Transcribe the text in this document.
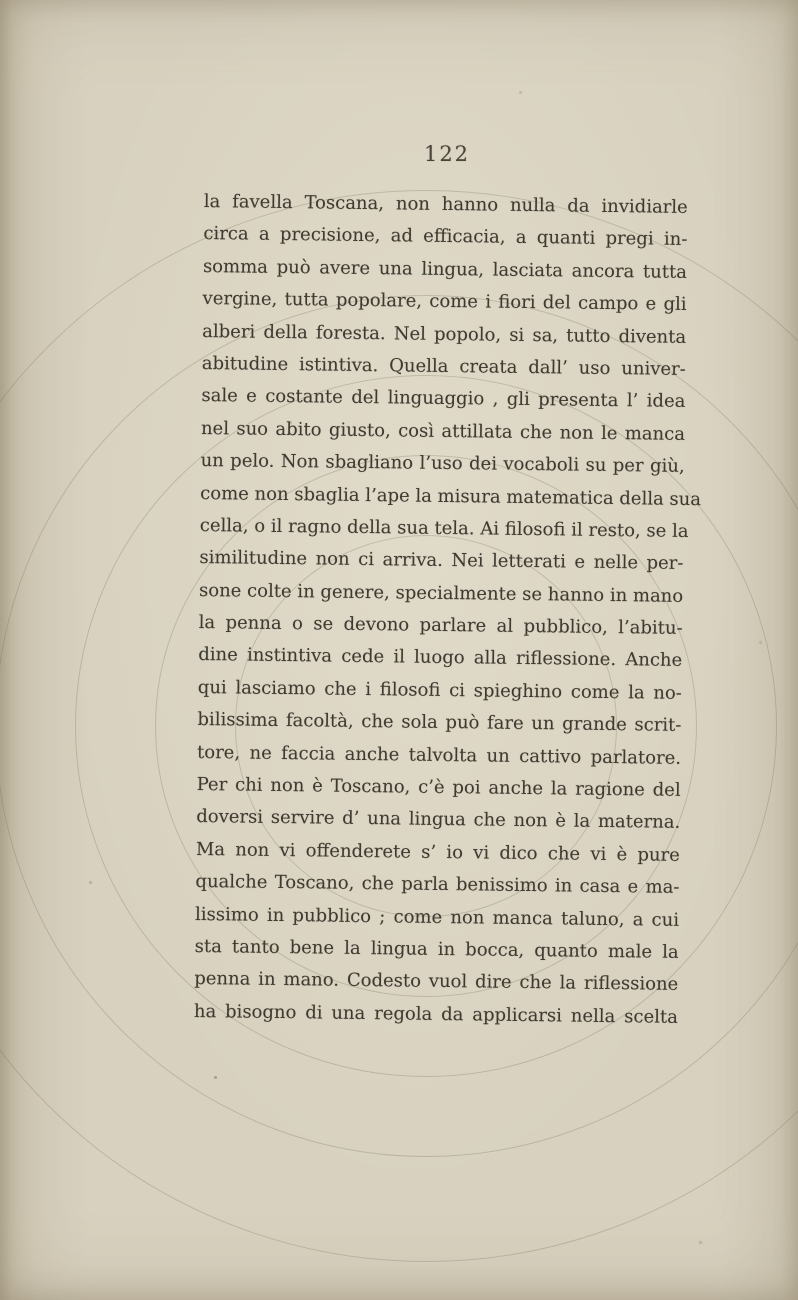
122
la favella Toscana, non hanno nulla da invidiarle
circa a precisione, ad efficacia, a quanti pregi in-
somma può avere una lingua, lasciata ancora tutta
vergine, tutta popolare, come i fiori del campo e gli
alberi della foresta. Nel popolo, si sa, tutto diventa
abitudine istintiva. Quella creata dall’ uso univer-
sale e costante del linguaggio , gli presenta l’ idea
nel suo abito giusto, così attillata che non le manca
un pelo. Non sbagliano l’uso dei vocaboli su per giù,
come non sbaglia l’ape la misura matematica della sua
cella, o il ragno della sua tela. Ai filosofi il resto, se la
similitudine non ci arriva. Nei letterati e nelle per-
sone colte in genere, specialmente se hanno in mano
la penna o se devono parlare al pubblico, l’abitu-
dine instintiva cede il luogo alla riflessione. Anche
qui lasciamo che i filosofi ci spieghino come la no-
bilissima facoltà, che sola può fare un grande scrit-
tore, ne faccia anche talvolta un cattivo parlatore.
Per chi non è Toscano, c’è poi anche la ragione del
doversi servire d’ una lingua che non è la materna.
Ma non vi offenderete s’ io vi dico che vi è pure
qualche Toscano, che parla benissimo in casa e ma-
lissimo in pubblico ; come non manca taluno, a cui
sta tanto bene la lingua in bocca, quanto male la
penna in mano. Codesto vuol dire che la riflessione
ha bisogno di una regola da applicarsi nella scelta
